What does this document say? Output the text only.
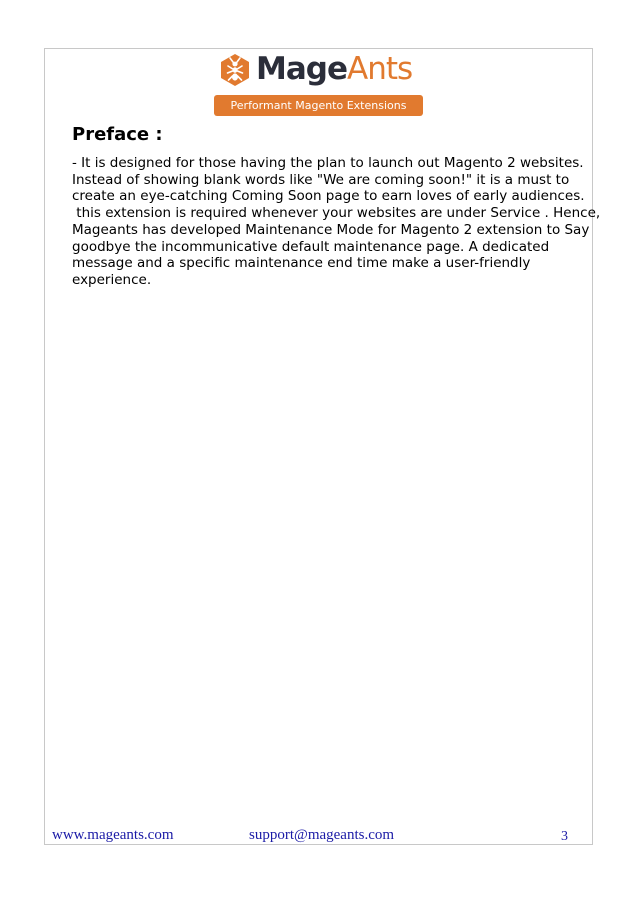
MageAnts
Performant Magento Extensions
Preface :
- It is designed for those having the plan to launch out Magento 2 websites.
Instead of showing blank words like "We are coming soon!" it is a must to
create an eye-catching Coming Soon page to earn loves of early audiences.
this extension is required whenever your websites are under Service . Hence,
Mageants has developed Maintenance Mode for Magento 2 extension to Say
goodbye the incommunicative default maintenance page. A dedicated
message and a specific maintenance end time make a user-friendly
experience.
www.mageants.com	support@mageants.com	3
